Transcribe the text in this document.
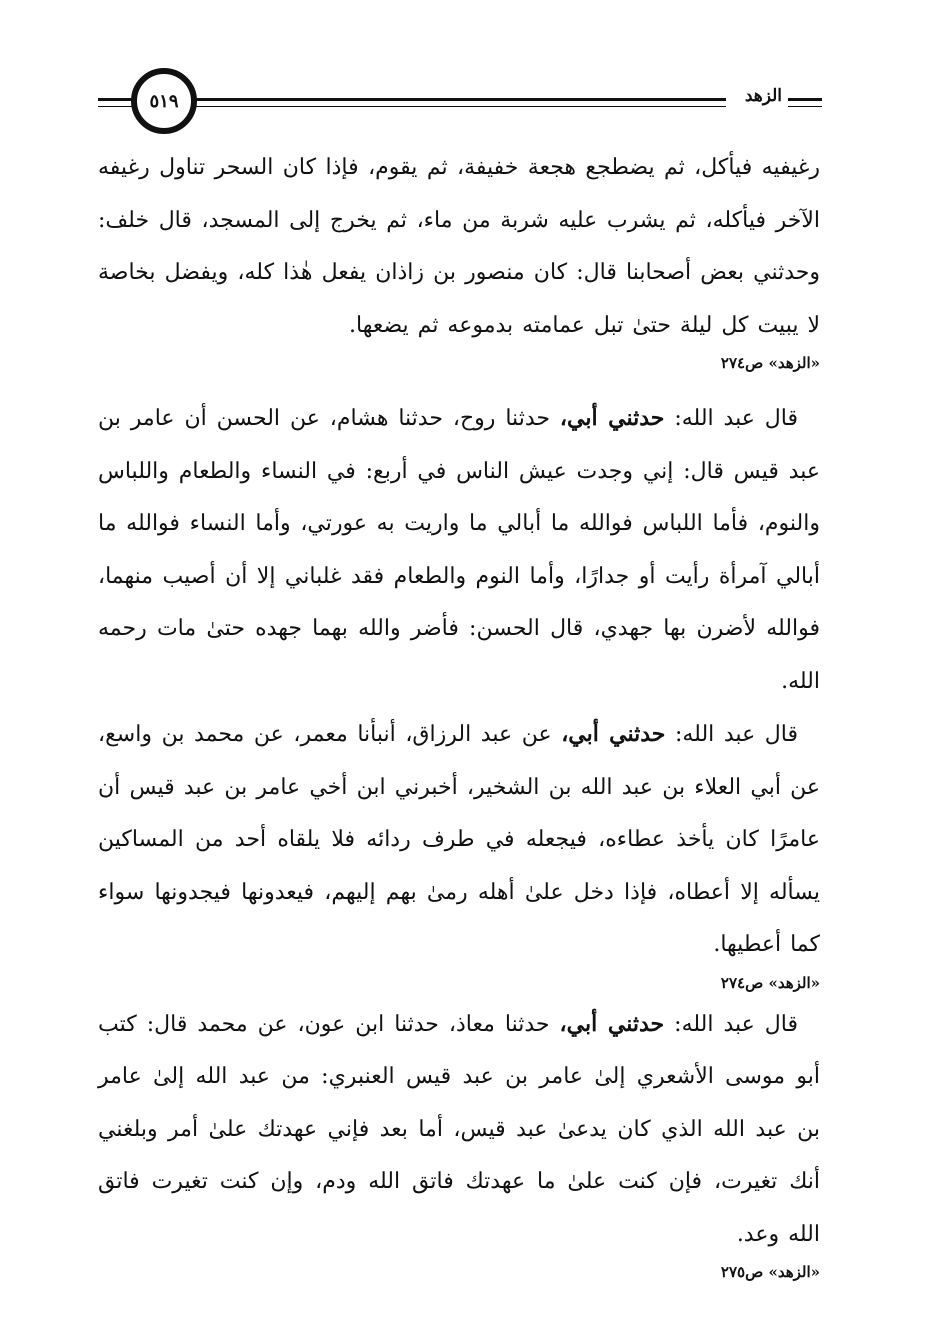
٥١٩	الزهد

رغيفيه فيأكل، ثم يضطجع هجعة خفيفة، ثم يقوم، فإذا كان السحر تناول رغيفه الآخر فيأكله، ثم يشرب عليه شربة من ماء، ثم يخرج إلى المسجد، قال خلف: وحدثني بعض أصحابنا قال: كان منصور بن زاذان يفعل هٰذا كله، ويفضل بخاصة لا يبيت كل ليلة حتىٰ تبل عمامته بدموعه ثم يضعها.

«الزهد» ص٢٧٤

 قال عبد الله: حدثني أبي، حدثنا روح، حدثنا هشام، عن الحسن أن عامر بن عبد قيس قال: إني وجدت عيش الناس في أربع: في النساء والطعام واللباس والنوم، فأما اللباس فوالله ما أبالي ما واريت به عورتي، وأما النساء فوالله ما أبالي آمرأة رأيت أو جدارًا، وأما النوم والطعام فقد غلباني إلا أن أصيب منهما، فوالله لأضرن بها جهدي، قال الحسن: فأضر والله بهما جهده حتىٰ مات رحمه الله.

 قال عبد الله: حدثني أبي، عن عبد الرزاق، أنبأنا معمر، عن محمد بن واسع، عن أبي العلاء بن عبد الله بن الشخير، أخبرني ابن أخي عامر بن عبد قيس أن عامرًا كان يأخذ عطاءه، فيجعله في طرف ردائه فلا يلقاه أحد من المساكين يسأله إلا أعطاه، فإذا دخل علىٰ أهله رمىٰ بهم إليهم، فيعدونها فيجدونها سواء كما أعطيها.

«الزهد» ص٢٧٤

 قال عبد الله: حدثني أبي، حدثنا معاذ، حدثنا ابن عون، عن محمد قال: كتب أبو موسى الأشعري إلىٰ عامر بن عبد قيس العنبري: من عبد الله إلىٰ عامر بن عبد الله الذي كان يدعىٰ عبد قيس، أما بعد فإني عهدتك علىٰ أمر وبلغني أنك تغيرت، فإن كنت علىٰ ما عهدتك فاتق الله ودم، وإن كنت تغيرت فاتق الله وعد.

«الزهد» ص٢٧٥
